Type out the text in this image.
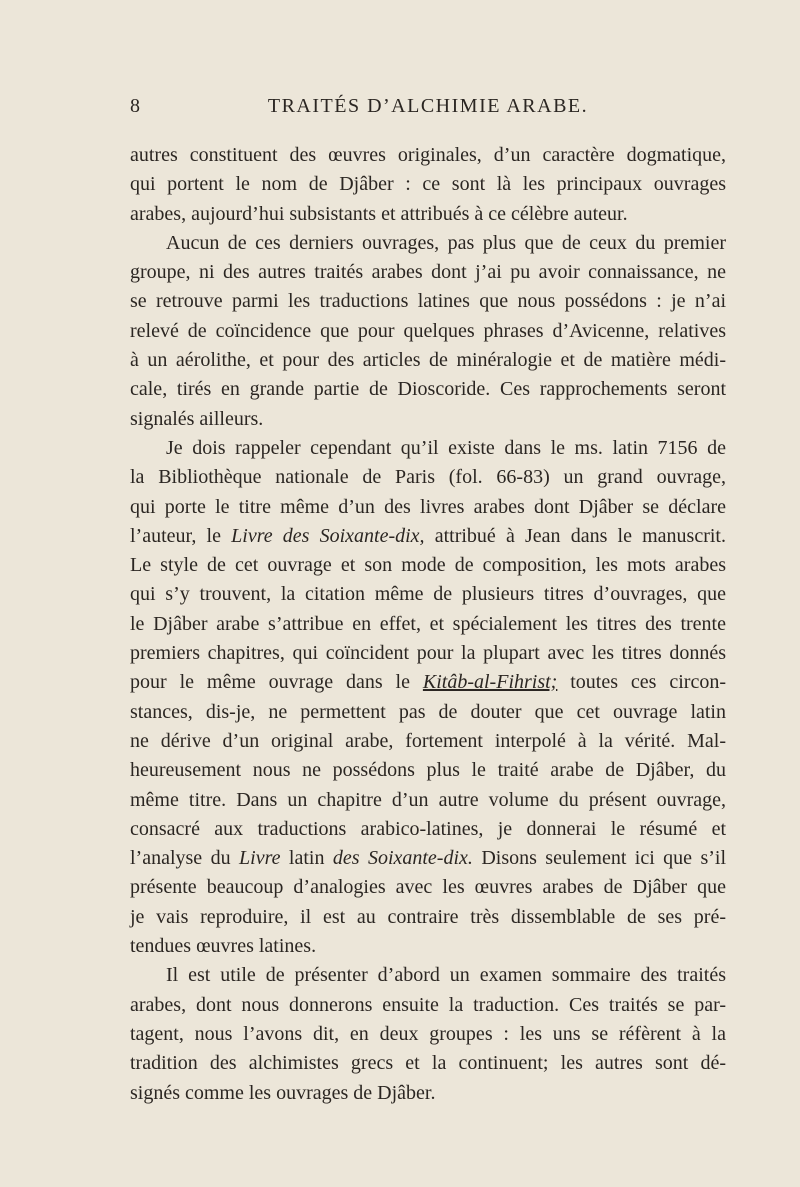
8	TRAITÉS D’ALCHIMIE ARABE.
autres constituent des œuvres originales, d’un caractère dogmatique,
qui portent le nom de Djâber : ce sont là les principaux ouvrages
arabes, aujourd’hui subsistants et attribués à ce célèbre auteur.
Aucun de ces derniers ouvrages, pas plus que de ceux du premier
groupe, ni des autres traités arabes dont j’ai pu avoir connaissance, ne
se retrouve parmi les traductions latines que nous possédons : je n’ai
relevé de coïncidence que pour quelques phrases d’Avicenne, relatives
à un aérolithe, et pour des articles de minéralogie et de matière médi-
cale, tirés en grande partie de Dioscoride. Ces rapprochements seront
signalés ailleurs.
Je dois rappeler cependant qu’il existe dans le ms. latin 7156 de
la Bibliothèque nationale de Paris (fol. 66-83) un grand ouvrage,
qui porte le titre même d’un des livres arabes dont Djâber se déclare
l’auteur, le Livre des Soixante-dix, attribué à Jean dans le manuscrit.
Le style de cet ouvrage et son mode de composition, les mots arabes
qui s’y trouvent, la citation même de plusieurs titres d’ouvrages, que
le Djâber arabe s’attribue en effet, et spécialement les titres des trente
premiers chapitres, qui coïncident pour la plupart avec les titres donnés
pour le même ouvrage dans le Kitâb-al-Fihrist; toutes ces circon-
stances, dis-je, ne permettent pas de douter que cet ouvrage latin
ne dérive d’un original arabe, fortement interpolé à la vérité. Mal-
heureusement nous ne possédons plus le traité arabe de Djâber, du
même titre. Dans un chapitre d’un autre volume du présent ouvrage,
consacré aux traductions arabico-latines, je donnerai le résumé et
l’analyse du Livre latin des Soixante-dix. Disons seulement ici que s’il
présente beaucoup d’analogies avec les œuvres arabes de Djâber que
je vais reproduire, il est au contraire très dissemblable de ses pré-
tendues œuvres latines.
Il est utile de présenter d’abord un examen sommaire des traités
arabes, dont nous donnerons ensuite la traduction. Ces traités se par-
tagent, nous l’avons dit, en deux groupes : les uns se réfèrent à la
tradition des alchimistes grecs et la continuent; les autres sont dé-
signés comme les ouvrages de Djâber.
